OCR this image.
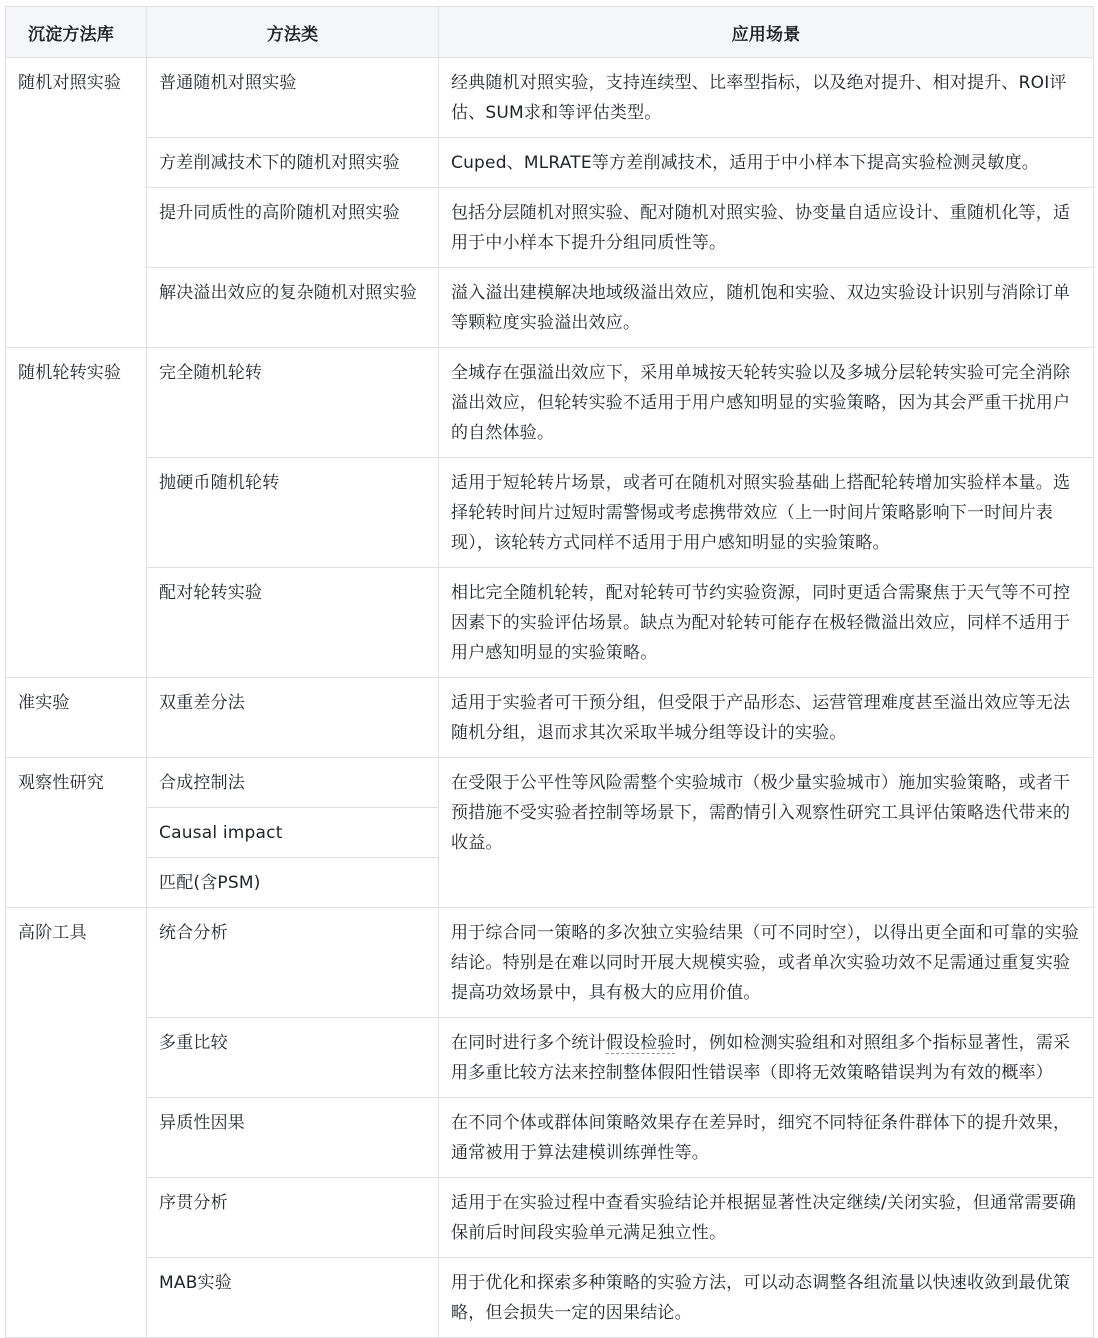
沉淀方法库	方法类	应用场景

随机对照实验	普通随机对照实验	经典随机对照实验，支持连续型、比率型指标，以及绝对提升、相对提升、ROI评估、SUM求和等评估类型。

	方差削减技术下的随机对照实验	Cuped、MLRATE等方差削减技术，适用于中小样本下提高实验检测灵敏度。

	提升同质性的高阶随机对照实验	包括分层随机对照实验、配对随机对照实验、协变量自适应设计、重随机化等，适用于中小样本下提升分组同质性等。

	解决溢出效应的复杂随机对照实验	溢入溢出建模解决地域级溢出效应，随机饱和实验、双边实验设计识别与消除订单等颗粒度实验溢出效应。

随机轮转实验	完全随机轮转	全城存在强溢出效应下，采用单城按天轮转实验以及多城分层轮转实验可完全消除溢出效应，但轮转实验不适用于用户感知明显的实验策略，因为其会严重干扰用户的自然体验。

	抛硬币随机轮转	适用于短轮转片场景，或者可在随机对照实验基础上搭配轮转增加实验样本量。选择轮转时间片过短时需警惕或考虑携带效应（上一时间片策略影响下一时间片表现），该轮转方式同样不适用于用户感知明显的实验策略。

	配对轮转实验	相比完全随机轮转，配对轮转可节约实验资源，同时更适合需聚焦于天气等不可控因素下的实验评估场景。缺点为配对轮转可能存在极轻微溢出效应，同样不适用于用户感知明显的实验策略。

准实验	双重差分法	适用于实验者可干预分组，但受限于产品形态、运营管理难度甚至溢出效应等无法随机分组，退而求其次采取半城分组等设计的实验。

观察性研究	合成控制法	在受限于公平性等风险需整个实验城市（极少量实验城市）施加实验策略，或者干预措施不受实验者控制等场景下，需酌情引入观察性研究工具评估策略迭代带来的收益。

	Causal impact	

	匹配(含PSM)	

高阶工具	统合分析	用于综合同一策略的多次独立实验结果（可不同时空），以得出更全面和可靠的实验结论。特别是在难以同时开展大规模实验，或者单次实验功效不足需通过重复实验提高功效场景中，具有极大的应用价值。

	多重比较	在同时进行多个统计假设检验时，例如检测实验组和对照组多个指标显著性，需采用多重比较方法来控制整体假阳性错误率（即将无效策略错误判为有效的概率）

	异质性因果	在不同个体或群体间策略效果存在差异时，细究不同特征条件群体下的提升效果，通常被用于算法建模训练弹性等。

	序贯分析	适用于在实验过程中查看实验结论并根据显著性决定继续/关闭实验，但通常需要确保前后时间段实验单元满足独立性。

	MAB实验	用于优化和探索多种策略的实验方法，可以动态调整各组流量以快速收敛到最优策略，但会损失一定的因果结论。
